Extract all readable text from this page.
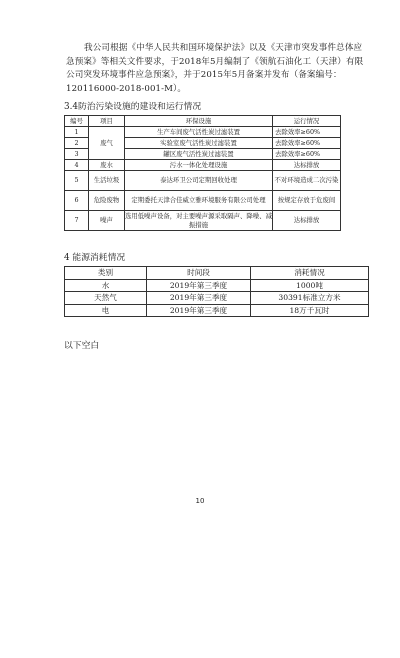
我公司根据《中华人民共和国环境保护法》以及《天津市突发事件总体应急预案》等相关文件要求，于2018年5月编制了《领航石油化工（天津）有限公司突发环境事件应急预案》，并于2015年5月备案并发布（备案编号：120116000-2018-001-M）。

3.4防治污染设施的建设和运行情况
编号	项目	环保设施	运行情况
1	废气	生产车间废气活性炭过滤装置	去除效率≥60%
2		实验室废气活性炭过滤装置	去除效率≥60%
3		罐区废气活性炭过滤装置	去除效率≥60%
4	废水	污水一体化处理设施	达标排放
5	生活垃圾	泰达环卫公司定期回收处理	不对环境造成二次污染
6	危险废物	定期委托天津合佳威立雅环境服务有限公司处理	按规定存放于危废间
7	噪声	选用低噪声设备，对主要噪声源采取隔声、降噪、减振措施	达标排放
4 能源消耗情况
类别	时间段	消耗情况
水	2019年第三季度	1000吨
天然气	2019年第三季度	30391标准立方米
电	2019年第三季度	18万千瓦时
以下空白
10
